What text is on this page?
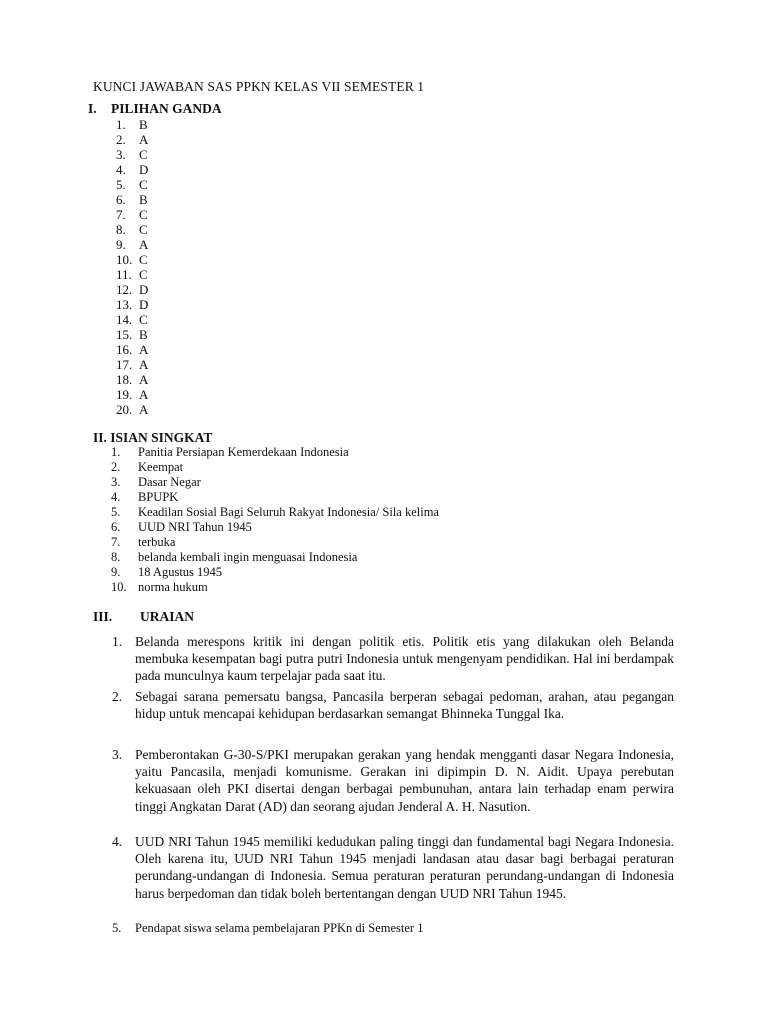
KUNCI JAWABAN SAS PPKN KELAS VII SEMESTER 1
I. PILIHAN GANDA
1. B
2. A
3. C
4. D
5. C
6. B
7. C
8. C
9. A
10. C
11. C
12. D
13. D
14. C
15. B
16. A
17. A
18. A
19. A
20. A
II. ISIAN SINGKAT
1. Panitia Persiapan Kemerdekaan Indonesia
2. Keempat
3. Dasar Negar
4. BPUPK
5. Keadilan Sosial Bagi Seluruh Rakyat Indonesia/ Sila kelima
6. UUD NRI Tahun 1945
7. terbuka
8. belanda kembali ingin menguasai Indonesia
9. 18 Agustus 1945
10. norma hukum
III. URAIAN
1. Belanda merespons kritik ini dengan politik etis. Politik etis yang dilakukan oleh Belanda membuka kesempatan bagi putra putri Indonesia untuk mengenyam pendidikan. Hal ini berdampak pada munculnya kaum terpelajar pada saat itu.
2. Sebagai sarana pemersatu bangsa, Pancasila berperan sebagai pedoman, arahan, atau pegangan hidup untuk mencapai kehidupan berdasarkan semangat Bhinneka Tunggal Ika.
3. Pemberontakan G-30-S/PKI merupakan gerakan yang hendak mengganti dasar Negara Indonesia, yaitu Pancasila, menjadi komunisme. Gerakan ini dipimpin D. N. Aidit. Upaya perebutan kekuasaan oleh PKI disertai dengan berbagai pembunuhan, antara lain terhadap enam perwira tinggi Angkatan Darat (AD) dan seorang ajudan Jenderal A. H. Nasution.
4. UUD NRI Tahun 1945 memiliki kedudukan paling tinggi dan fundamental bagi Negara Indonesia. Oleh karena itu, UUD NRI Tahun 1945 menjadi landasan atau dasar bagi berbagai peraturan perundang-undangan di Indonesia. Semua peraturan peraturan perundang-undangan di Indonesia harus berpedoman dan tidak boleh bertentangan dengan UUD NRI Tahun 1945.
5.	Pendapat siswa selama pembelajaran PPKn di Semester 1
